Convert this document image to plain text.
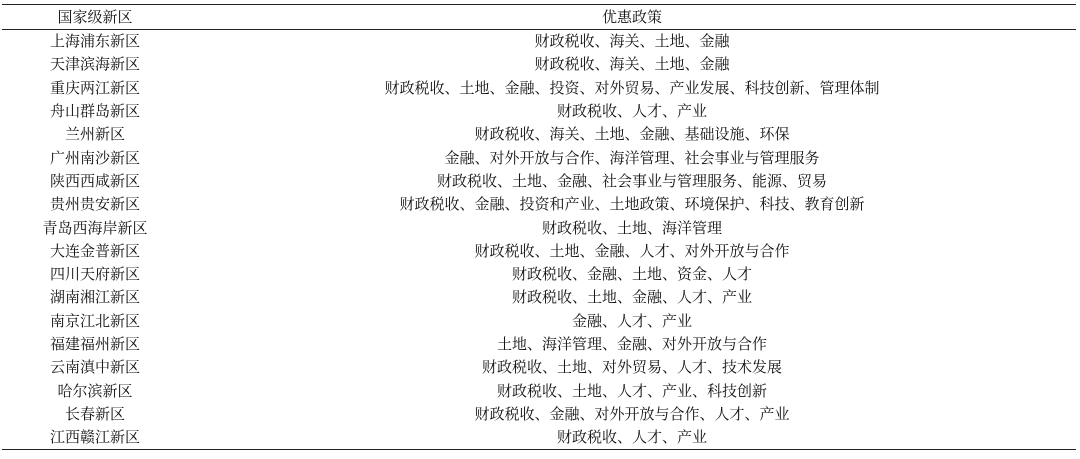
国家级新区	优惠政策
上海浦东新区	财政税收、海关、土地、金融
天津滨海新区	财政税收、海关、土地、金融
重庆两江新区	财政税收、土地、金融、投资、对外贸易、产业发展、科技创新、管理体制
舟山群岛新区	财政税收、人才、产业
兰州新区	财政税收、海关、土地、金融、基础设施、环保
广州南沙新区	金融、对外开放与合作、海洋管理、社会事业与管理服务
陕西西咸新区	财政税收、土地、金融、社会事业与管理服务、能源、贸易
贵州贵安新区	财政税收、金融、投资和产业、土地政策、环境保护、科技、教育创新
青岛西海岸新区	财政税收、土地、海洋管理
大连金普新区	财政税收、土地、金融、人才、对外开放与合作
四川天府新区	财政税收、金融、土地、资金、人才
湖南湘江新区	财政税收、土地、金融、人才、产业
南京江北新区	金融、人才、产业
福建福州新区	土地、海洋管理、金融、对外开放与合作
云南滇中新区	财政税收、土地、对外贸易、人才、技术发展
哈尔滨新区	财政税收、土地、人才、产业、科技创新
长春新区	财政税收、金融、对外开放与合作、人才、产业
江西赣江新区	财政税收、人才、产业
